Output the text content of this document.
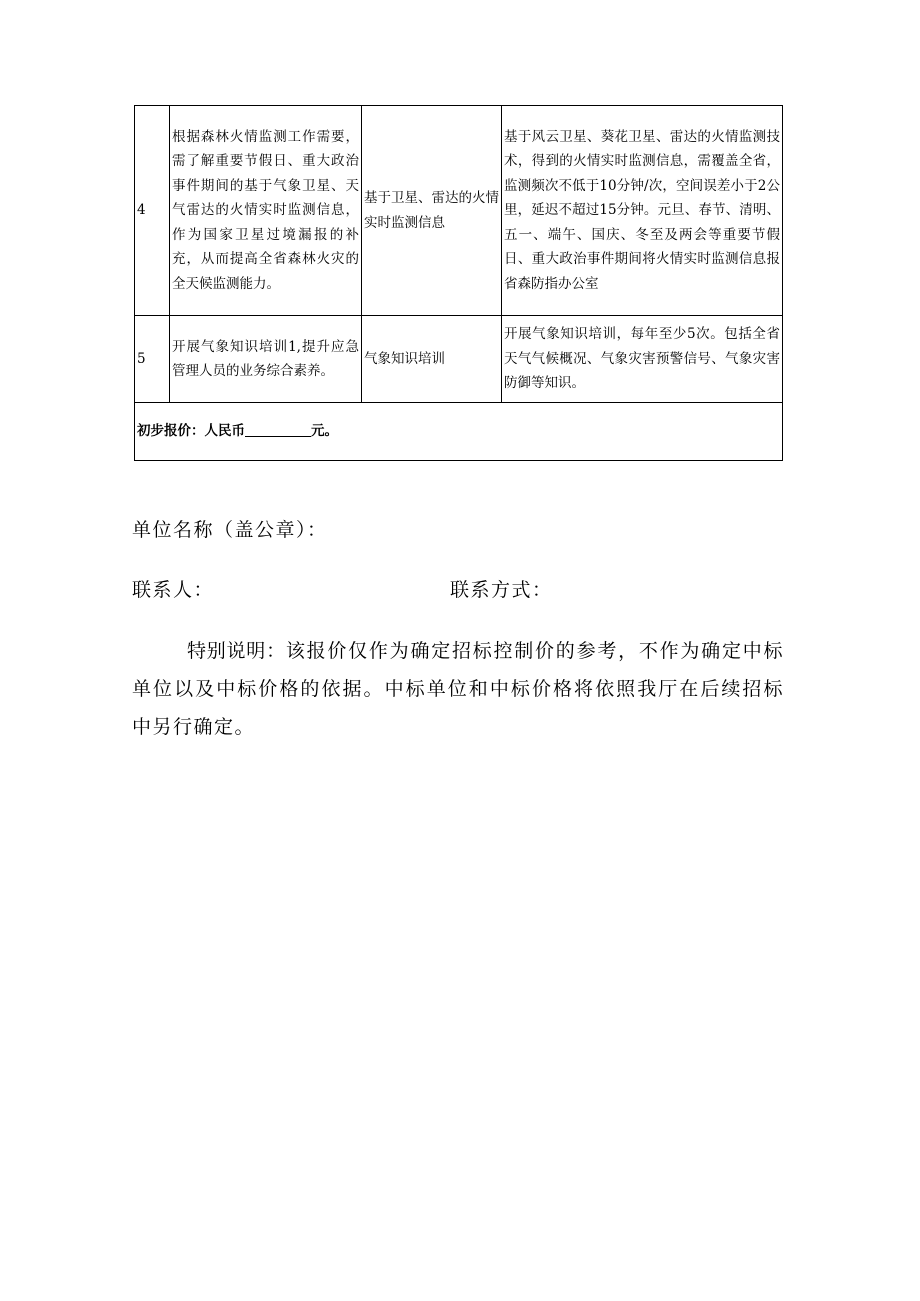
4	根据森林火情监测工作需要，需了解重要节假日、重大政治事件期间的基于气象卫星、天气雷达的火情实时监测信息，作为国家卫星过境漏报的补充，从而提高全省森林火灾的全天候监测能力。	基于卫星、雷达的火情实时监测信息	基于风云卫星、葵花卫星、雷达的火情监测技术，得到的火情实时监测信息，需覆盖全省，监测频次不低于10分钟/次，空间误差小于2公里，延迟不超过15分钟。元旦、春节、清明、五一、端午、国庆、冬至及两会等重要节假日、重大政治事件期间将火情实时监测信息报省森防指办公室

5	开展气象知识培训1,提升应急管理人员的业务综合素养。	气象知识培训	开展气象知识培训，每年至少5次。包括全省天气气候概况、气象灾害预警信号、气象灾害防御等知识。

初步报价：人民币 元。			
单位名称（盖公章）：
联系人：	联系方式：
特别说明：该报价仅作为确定招标控制价的参考，不作为确定中标单位以及中标价格的依据。中标单位和中标价格将依照我厅在后续招标中另行确定。
